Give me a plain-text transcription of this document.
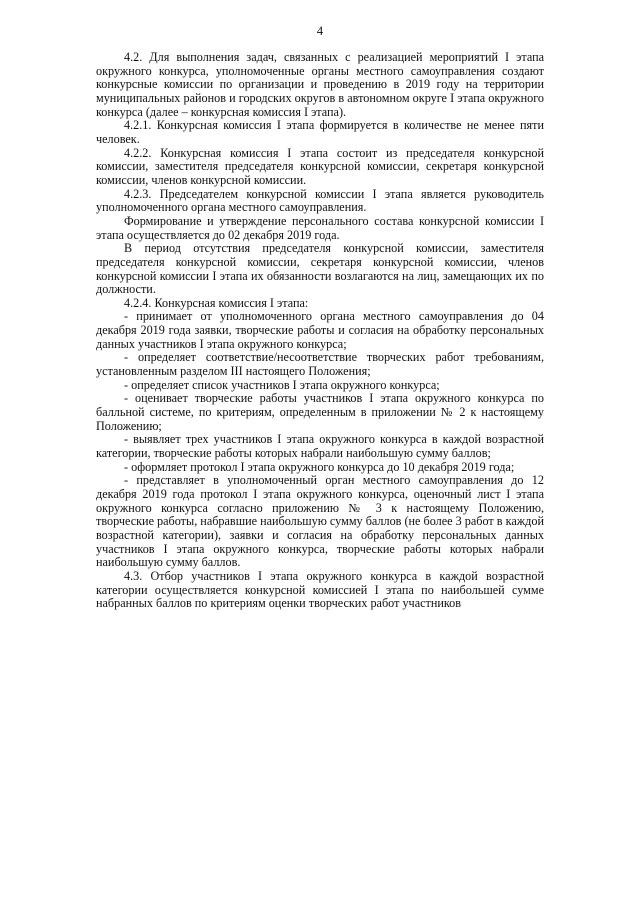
4

4.2. Для выполнения задач, связанных с реализацией мероприятий I этапа окружного конкурса, уполномоченные органы местного самоуправления создают конкурсные комиссии по организации и проведению в 2019 году на территории муниципальных районов и городских округов в автономном округе I этапа окружного конкурса (далее – конкурсная комиссия I этапа).

4.2.1. Конкурсная комиссия I этапа формируется в количестве не менее пяти человек.

4.2.2. Конкурсная комиссия I этапа состоит из председателя конкурсной комиссии, заместителя председателя конкурсной комиссии, секретаря конкурсной комиссии, членов конкурсной комиссии.

4.2.3. Председателем конкурсной комиссии I этапа является руководитель уполномоченного органа местного самоуправления.

Формирование и утверждение персонального состава конкурсной комиссии I этапа осуществляется до 02 декабря 2019 года.

В период отсутствия председателя конкурсной комиссии, заместителя председателя конкурсной комиссии, секретаря конкурсной комиссии, членов конкурсной комиссии I этапа их обязанности возлагаются на лиц, замещающих их по должности.

4.2.4. Конкурсная комиссия I этапа:

- принимает от уполномоченного органа местного самоуправления до 04 декабря 2019 года заявки, творческие работы и согласия на обработку персональных данных участников I этапа окружного конкурса;

- определяет соответствие/несоответствие творческих работ требованиям, установленным разделом III настоящего Положения;

- определяет список участников I этапа окружного конкурса;

- оценивает творческие работы участников I этапа окружного конкурса по балльной системе, по критериям, определенным в приложении № 2 к настоящему Положению;

- выявляет трех участников I этапа окружного конкурса в каждой возрастной категории, творческие работы которых набрали наибольшую сумму баллов;

- оформляет протокол I этапа окружного конкурса до 10 декабря 2019 года;

- представляет в уполномоченный орган местного самоуправления до 12 декабря 2019 года протокол I этапа окружного конкурса, оценочный лист I этапа окружного конкурса согласно приложению № 3 к настоящему Положению, творческие работы, набравшие наибольшую сумму баллов (не более 3 работ в каждой возрастной категории), заявки и согласия на обработку персональных данных участников I этапа окружного конкурса, творческие работы которых набрали наибольшую сумму баллов.

4.3. Отбор участников I этапа окружного конкурса в каждой возрастной категории осуществляется конкурсной комиссией I этапа по наибольшей сумме набранных баллов по критериям оценки творческих работ участников
